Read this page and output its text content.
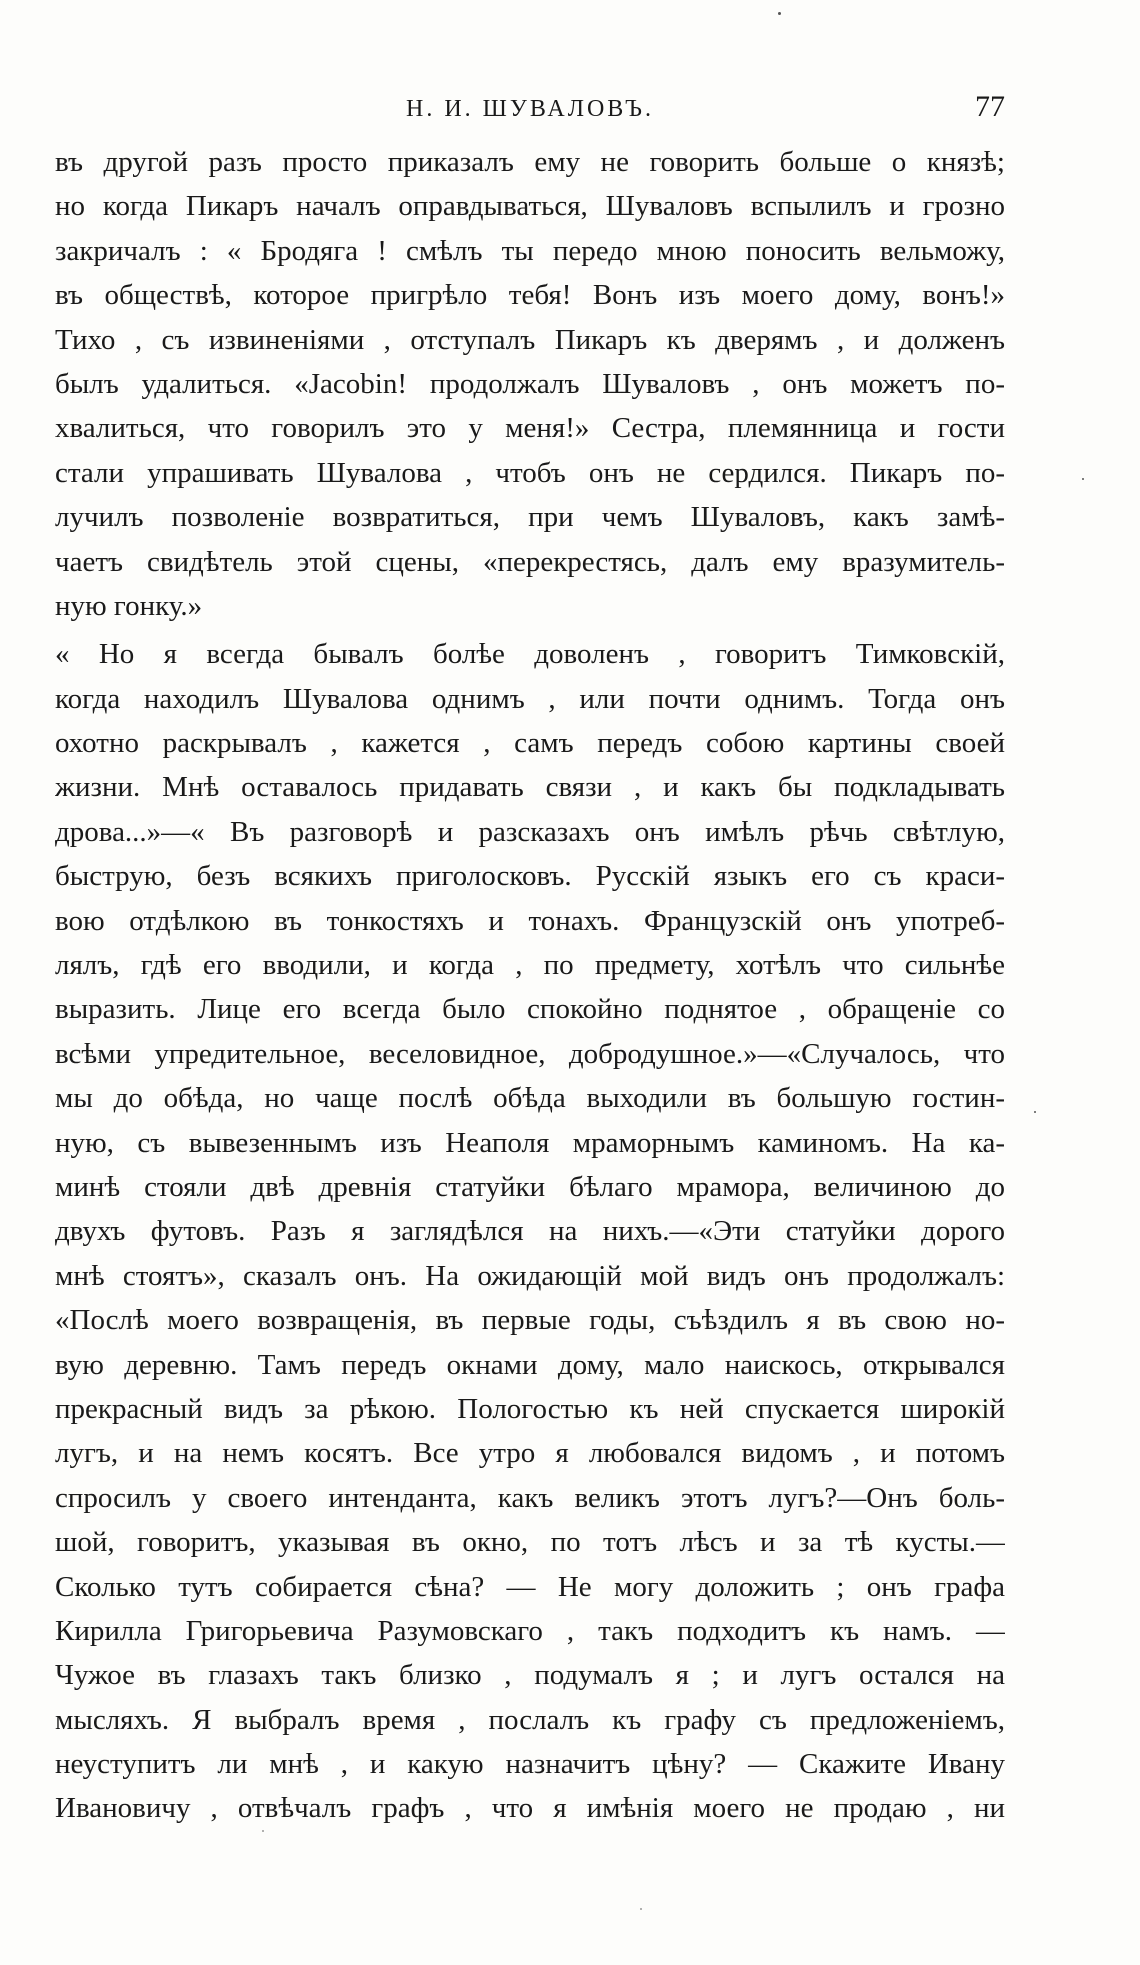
Н. И. ШУВАЛОВЪ.	77
въ другой разъ просто приказалъ ему не говорить больше о князѣ;
но когда Пикаръ началъ оправдываться, Шуваловъ вспылилъ и грозно
закричалъ : « Бродяга ! смѣлъ ты передо мною поносить вельможу,
въ обществѣ, которое пригрѣло тебя! Вонъ изъ моего дому, вонъ!»
Тихо , съ извиненіями , отступалъ Пикаръ къ дверямъ , и долженъ
былъ удалиться. «Jacobin! продолжалъ Шуваловъ , онъ можетъ по-
хвалиться, что говорилъ это у меня!» Сестра, племянница и гости
стали упрашивать Шувалова , чтобъ онъ не сердился. Пикаръ по-
лучилъ позволеніе возвратиться, при чемъ Шуваловъ, какъ замѣ-
чаетъ свидѣтель этой сцены, «перекрестясь, далъ ему вразумитель-
ную гонку.»
« Но я всегда бывалъ болѣе доволенъ , говоритъ Тимковскій,
когда находилъ Шувалова однимъ , или почти однимъ. Тогда онъ
охотно раскрывалъ , кажется , самъ передъ собою картины своей
жизни. Мнѣ оставалось придавать связи , и какъ бы подкладывать
дрова...»—« Въ разговорѣ и разсказахъ онъ имѣлъ рѣчь свѣтлую,
быструю, безъ всякихъ приголосковъ. Русскій языкъ его съ краси-
вою отдѣлкою въ тонкостяхъ и тонахъ. Французскій онъ употреб-
лялъ, гдѣ его вводили, и когда , по предмету, хотѣлъ что сильнѣе
выразить. Лице его всегда было спокойно поднятое , обращеніе со
всѣми упредительное, веселовидное, добродушное.»—«Случалось, что
мы до обѣда, но чаще послѣ обѣда выходили въ большую гостин-
ную, съ вывезеннымъ изъ Неаполя мраморнымъ каминомъ. На ка-
минѣ стояли двѣ древнія статуйки бѣлаго мрамора, величиною до
двухъ футовъ. Разъ я заглядѣлся на нихъ.—«Эти статуйки дорого
мнѣ стоятъ», сказалъ онъ. На ожидающій мой видъ онъ продолжалъ:
«Послѣ моего возвращенія, въ первые годы, съѣздилъ я въ свою но-
вую деревню. Тамъ передъ окнами дому, мало наискось, открывался
прекрасный видъ за рѣкою. Пологостью къ ней спускается широкій
лугъ, и на немъ косятъ. Все утро я любовался видомъ , и потомъ
спросилъ у своего интенданта, какъ великъ этотъ лугъ?—Онъ боль-
шой, говоритъ, указывая въ окно, по тотъ лѣсъ и за тѣ кусты.—
Сколько тутъ собирается сѣна? — Не могу доложить ; онъ графа
Кирилла Григорьевича Разумовскаго , такъ подходитъ къ намъ. —
Чужое въ глазахъ такъ близко , подумалъ я ; и лугъ остался на
мысляхъ. Я выбралъ время , послалъ къ графу съ предложеніемъ,
неуступитъ ли мнѣ , и какую назначитъ цѣну? — Скажите Ивану
Ивановичу , отвѣчалъ графъ , что я имѣнія моего не продаю , ни
